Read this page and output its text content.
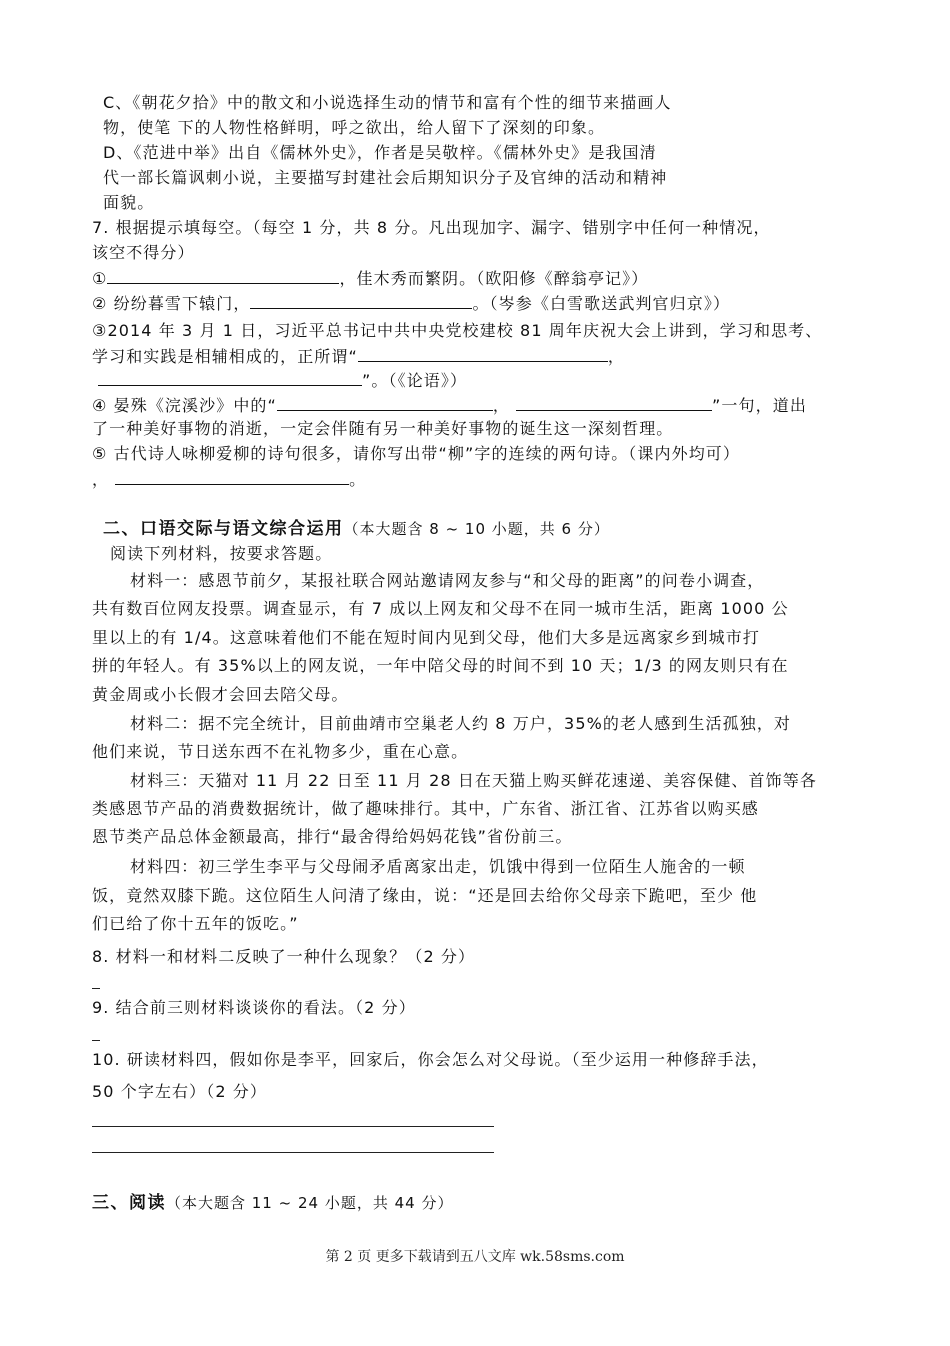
C、《朝花夕拾》中的散文和小说选择生动的情节和富有个性的细节来描画人
物，使笔 下的人物性格鲜明，呼之欲出，给人留下了深刻的印象。
D、《范进中举》出自《儒林外史》，作者是吴敬梓。《儒林外史》是我国清
代一部长篇讽刺小说，主要描写封建社会后期知识分子及官绅的活动和精神
面貌。
7. 根据提示填每空。（每空 1 分，共 8 分。凡出现加字、漏字、错别字中任何一种情况，
该空不得分）
①	，佳木秀而繁阴。（欧阳修《醉翁亭记》）
② 纷纷暮雪下辕门，	。（岑参《白雪歌送武判官归京》）
③2014 年 3 月 1 日，习近平总书记中共中央党校建校 81 周年庆祝大会上讲到，学习和思考、
学习和实践是相辅相成的，正所谓“	，
”。（《论语》）
④ 晏殊《浣溪沙》中的“	，	”一句，道出
了一种美好事物的消逝，一定会伴随有另一种美好事物的诞生这一深刻哲理。
⑤ 古代诗人咏柳爱柳的诗句很多，请你写出带“柳”字的连续的两句诗。（课内外均可）
，	。
二、口语交际与语文综合运用（本大题含 8 ~ 10 小题，共 6 分）
阅读下列材料，按要求答题。
材料一：感恩节前夕，某报社联合网站邀请网友参与“和父母的距离”的问卷小调查，
共有数百位网友投票。调查显示，有 7 成以上网友和父母不在同一城市生活，距离 1000 公
里以上的有 1/4。这意味着他们不能在短时间内见到父母，他们大多是远离家乡到城市打
拼的年轻人。有 35%以上的网友说，一年中陪父母的时间不到 10 天；1/3 的网友则只有在
黄金周或小长假才会回去陪父母。
材料二：据不完全统计，目前曲靖市空巢老人约 8 万户，35%的老人感到生活孤独，对
他们来说，节日送东西不在礼物多少，重在心意。
材料三：天猫对 11 月 22 日至 11 月 28 日在天猫上购买鲜花速递、美容保健、首饰等各
类感恩节产品的消费数据统计，做了趣味排行。其中，广东省、浙江省、江苏省以购买感
恩节类产品总体金额最高，排行“最舍得给妈妈花钱”省份前三。
材料四：初三学生李平与父母闹矛盾离家出走，饥饿中得到一位陌生人施舍的一顿
饭，竟然双膝下跪。这位陌生人问清了缘由，说：“还是回去给你父母亲下跪吧，至少 他
们已给了你十五年的饭吃。”
8. 材料一和材料二反映了一种什么现象？（2 分）
9. 结合前三则材料谈谈你的看法。（2 分）
10. 研读材料四，假如你是李平，回家后，你会怎么对父母说。（至少运用一种修辞手法，
50 个字左右）（2 分）
三、阅读（本大题含 11 ~ 24 小题，共 44 分）
第 2 页 更多下载请到五八文库 wk.58sms.com
